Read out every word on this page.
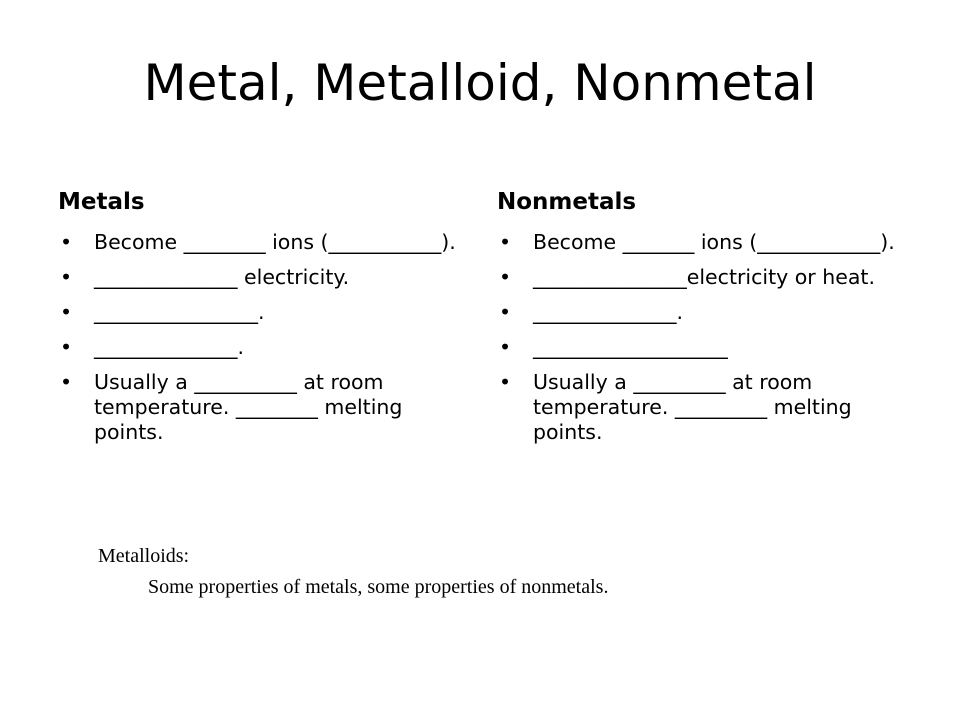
Metal, Metalloid, Nonmetal
Metals
• Become ________ ions (___________).
• ______________ electricity.
• ________________.
• ______________.
• Usually a __________ at room temperature. ________ melting points.
Nonmetals
• Become _______ ions (____________).
• _______________electricity or heat.
• ______________.
• ___________________
• Usually a _________ at room temperature. _________ melting points.
Metalloids:
Some properties of metals, some properties of nonmetals.
